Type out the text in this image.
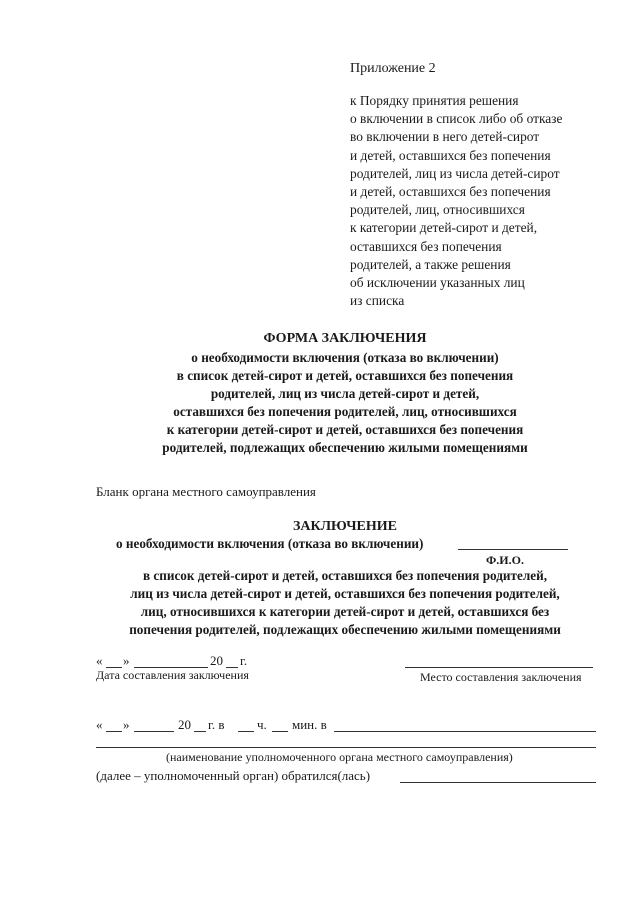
Приложение 2
к Порядку принятия решения
о включении в список либо об отказе
во включении в него детей-сирот
и детей, оставшихся без попечения
родителей, лиц из числа детей-сирот
и детей, оставшихся без попечения
родителей, лиц, относившихся
к категории детей-сирот и детей,
оставшихся без попечения
родителей, а также решения
об исключении указанных лиц
из списка
ФОРМА ЗАКЛЮЧЕНИЯ
о необходимости включения (отказа во включении)
в список детей-сирот и детей, оставшихся без попечения
родителей, лиц из числа детей-сирот и детей,
оставшихся без попечения родителей, лиц, относившихся
к категории детей-сирот и детей, оставшихся без попечения
родителей, подлежащих обеспечению жилыми помещениями
Бланк органа местного самоуправления
ЗАКЛЮЧЕНИЕ
о необходимости включения (отказа во включении)
Ф.И.О.
в список детей-сирот и детей, оставшихся без попечения родителей,
лиц из числа детей-сирот и детей, оставшихся без попечения родителей,
лиц, относившихся к категории детей-сирот и детей, оставшихся без
попечения родителей, подлежащих обеспечению жилыми помещениями
« »	20 г.
Дата составления заключения	Место составления заключения
« »	20 г. в ч. мин. в
(наименование уполномоченного органа местного самоуправления)
(далее – уполномоченный орган) обратился(лась)
